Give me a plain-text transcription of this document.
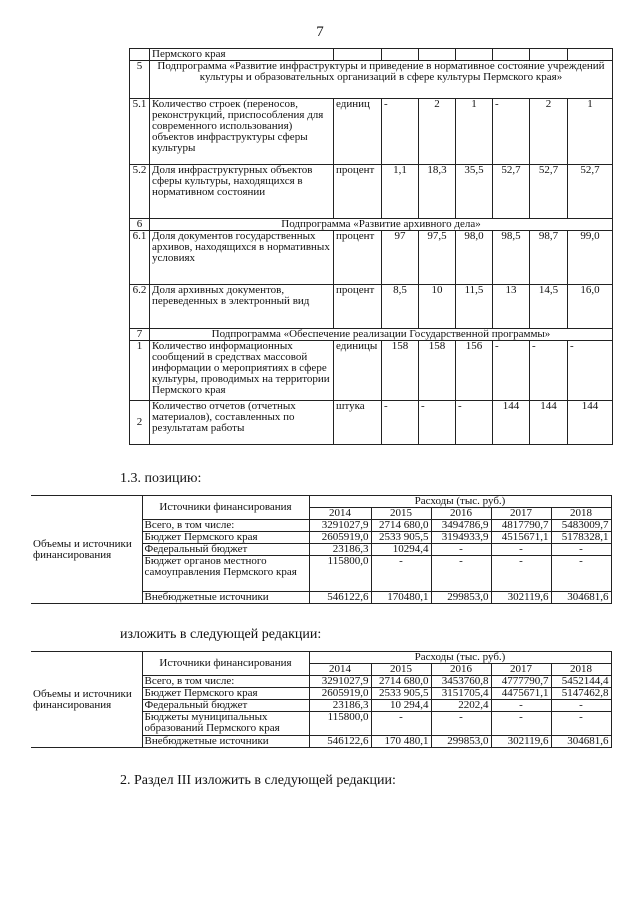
7
	Пермского края							
5	Подпрограмма «Развитие инфраструктуры и приведение в нормативное состояние учреждений культуры и образовательных организаций в сфере культуры Пермского края»							
5.1	Количество строек (переносов, реконструкций, приспособления для современного использования) объектов инфраструктуры сферы культуры	единиц	-	2	1	-	2	1
5.2	Доля инфраструктурных объектов сферы культуры, находящихся в нормативном состоянии	процент	1,1	18,3	35,5	52,7	52,7	52,7
6	Подпрограмма «Развитие архивного дела»							
6.1	Доля документов государственных архивов, находящихся в нормативных условиях	процент	97	97,5	98,0	98,5	98,7	99,0
6.2	Доля архивных документов, переведенных в электронный вид	процент	8,5	10	11,5	13	14,5	16,0
7	Подпрограмма «Обеспечение реализации Государственной программы»							
1	Количество информационных сообщений в средствах массовой информации о мероприятиях в сфере культуры, проводимых на территории Пермского края	единицы	158	158	156	-	-	-
2	Количество отчетов (отчетных материалов), составленных по результатам работы	штука	-	-	-	144	144	144
1.3. позицию:
Объемы и источники финансирования	Источники финансирования	Расходы (тыс. руб.)				
		2014	2015	2016	2017	2018
	Всего, в том числе:	3291027,9	2714 680,0	3494786,9	4817790,7	5483009,7
	Бюджет Пермского края	2605919,0	2533 905,5	3194933,9	4515671,1	5178328,1
	Федеральный бюджет	23186,3	10294,4	-	-	-
	Бюджет органов местного самоуправления Пермского края	115800,0	-	-	-	-
	Внебюджетные источники	546122,6	170480,1	299853,0	302119,6	304681,6
изложить в следующей редакции:
Объемы и источники финансирования	Источники финансирования	Расходы (тыс. руб.)				
		2014	2015	2016	2017	2018
	Всего, в том числе:	3291027,9	2714 680,0	3453760,8	4777790,7	5452144,4
	Бюджет Пермского края	2605919,0	2533 905,5	3151705,4	4475671,1	5147462,8
	Федеральный бюджет	23186,3	10 294,4	2202,4	-	-
	Бюджеты муниципальных образований Пермского края	115800,0	-	-	-	-
	Внебюджетные источники	546122,6	170 480,1	299853,0	302119,6	304681,6
2. Раздел III изложить в следующей редакции:
